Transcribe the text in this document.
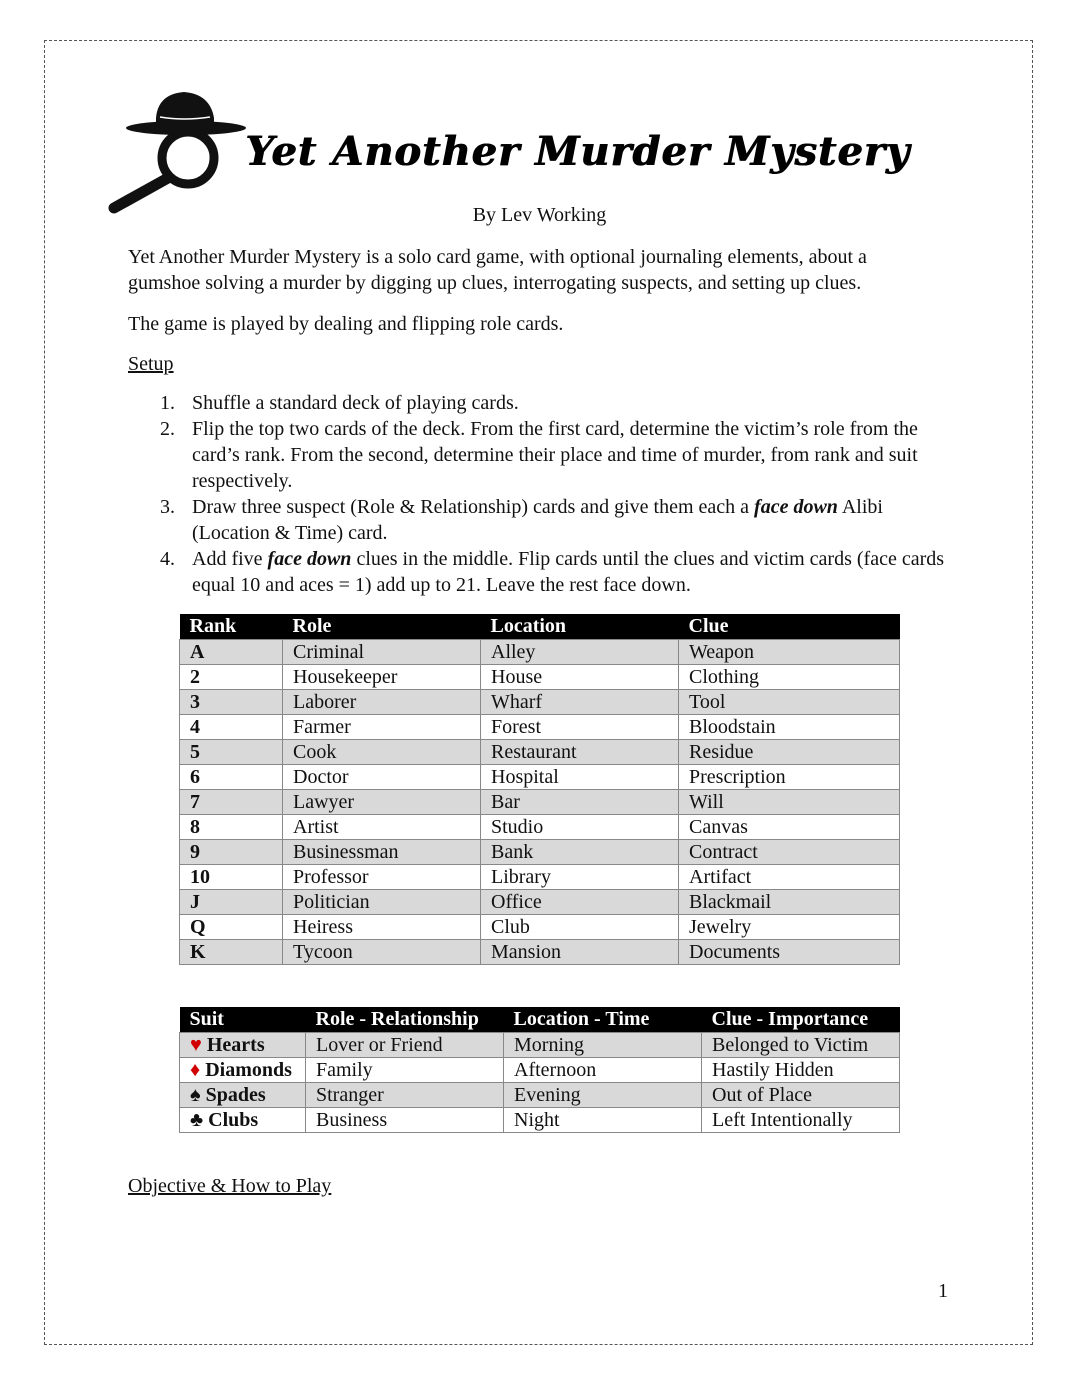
Yet Another Murder Mystery

By Lev Working

Yet Another Murder Mystery is a solo card game, with optional journaling elements, about a gumshoe solving a murder by digging up clues, interrogating suspects, and setting up clues.

The game is played by dealing and flipping role cards.

Setup
1. Shuffle a standard deck of playing cards.
2. Flip the top two cards of the deck. From the first card, determine the victim’s role from the card’s rank. From the second, determine their place and time of murder, from rank and suit respectively.
3. Draw three suspect (Role & Relationship) cards and give them each a face down Alibi (Location & Time) card.
4. Add five face down clues in the middle. Flip cards until the clues and victim cards (face cards equal 10 and aces = 1) add up to 21. Leave the rest face down.
Rank	Role	Location	Clue
A	Criminal	Alley	Weapon
2	Housekeeper	House	Clothing
3	Laborer	Wharf	Tool
4	Farmer	Forest	Bloodstain
5	Cook	Restaurant	Residue
6	Doctor	Hospital	Prescription
7	Lawyer	Bar	Will
8	Artist	Studio	Canvas
9	Businessman	Bank	Contract
10	Professor	Library	Artifact
J	Politician	Office	Blackmail
Q	Heiress	Club	Jewelry
K	Tycoon	Mansion	Documents
Suit	Role - Relationship	Location - Time	Clue - Importance
♥ Hearts	Lover or Friend	Morning	Belonged to Victim
♦ Diamonds	Family	Afternoon	Hastily Hidden
♠ Spades	Stranger	Evening	Out of Place
♣ Clubs	Business	Night	Left Intentionally
Objective & How to Play

1
